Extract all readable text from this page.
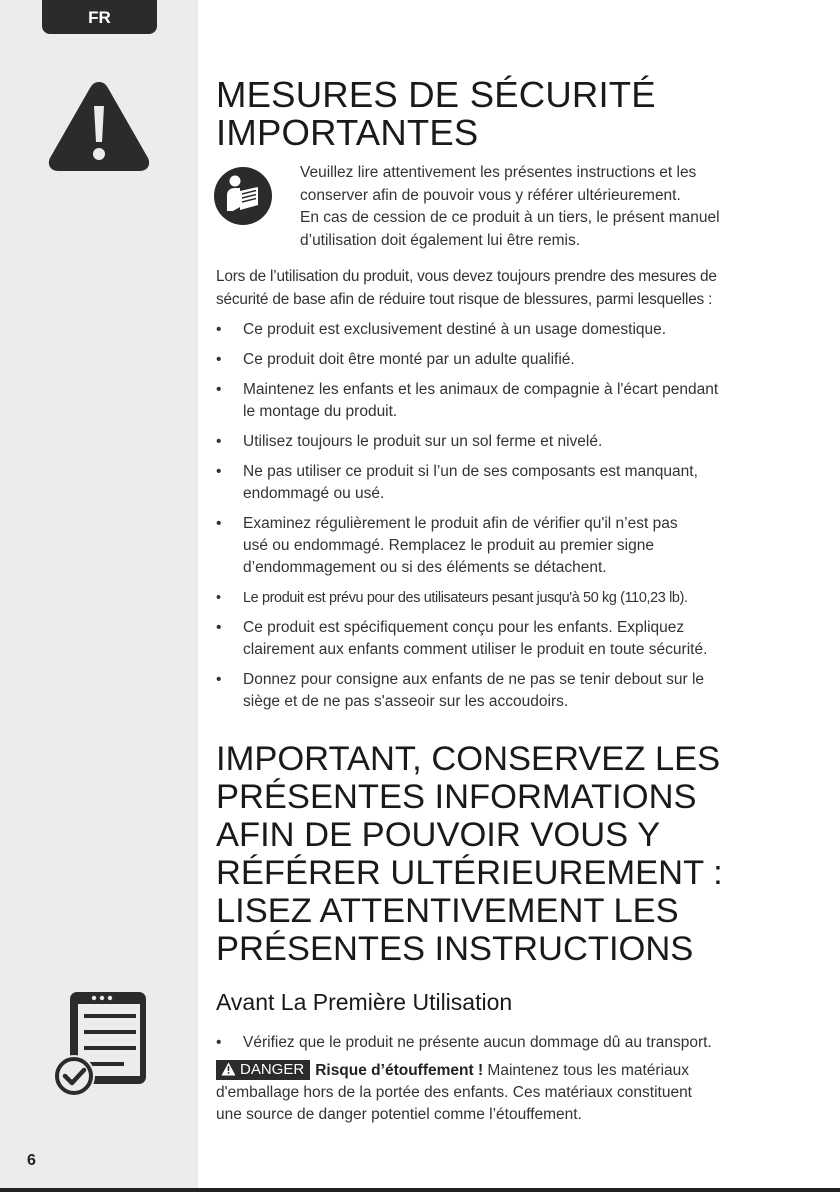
FR
6
MESURES DE SÉCURITÉ
IMPORTANTES
Veuillez lire attentivement les présentes instructions et les
conserver afin de pouvoir vous y référer ultérieurement.
En cas de cession de ce produit à un tiers, le présent manuel
d’utilisation doit également lui être remis.
Lors de l’utilisation du produit, vous devez toujours prendre des mesures de
sécurité de base afin de réduire tout risque de blessures, parmi lesquelles :
• Ce produit est exclusivement destiné à un usage domestique.
• Ce produit doit être monté par un adulte qualifié.
• Maintenez les enfants et les animaux de compagnie à l'écart pendant
le montage du produit.
• Utilisez toujours le produit sur un sol ferme et nivelé.
• Ne pas utiliser ce produit si l’un de ses composants est manquant,
endommagé ou usé.
• Examinez régulièrement le produit afin de vérifier qu'il n’est pas
usé ou endommagé. Remplacez le produit au premier signe
d’endommagement ou si des éléments se détachent.
• Le produit est prévu pour des utilisateurs pesant jusqu'à 50 kg (110,23 lb).
• Ce produit est spécifiquement conçu pour les enfants. Expliquez
clairement aux enfants comment utiliser le produit en toute sécurité.
• Donnez pour consigne aux enfants de ne pas se tenir debout sur le
siège et de ne pas s'asseoir sur les accoudoirs.
IMPORTANT, CONSERVEZ LES
PRÉSENTES INFORMATIONS
AFIN DE POUVOIR VOUS Y
RÉFÉRER ULTÉRIEUREMENT :
LISEZ ATTENTIVEMENT LES
PRÉSENTES INSTRUCTIONS
Avant La Première Utilisation
• Vérifiez que le produit ne présente aucun dommage dû au transport.
DANGER Risque d’étouffement ! Maintenez tous les matériaux
d'emballage hors de la portée des enfants. Ces matériaux constituent
une source de danger potentiel comme l’étouffement.
